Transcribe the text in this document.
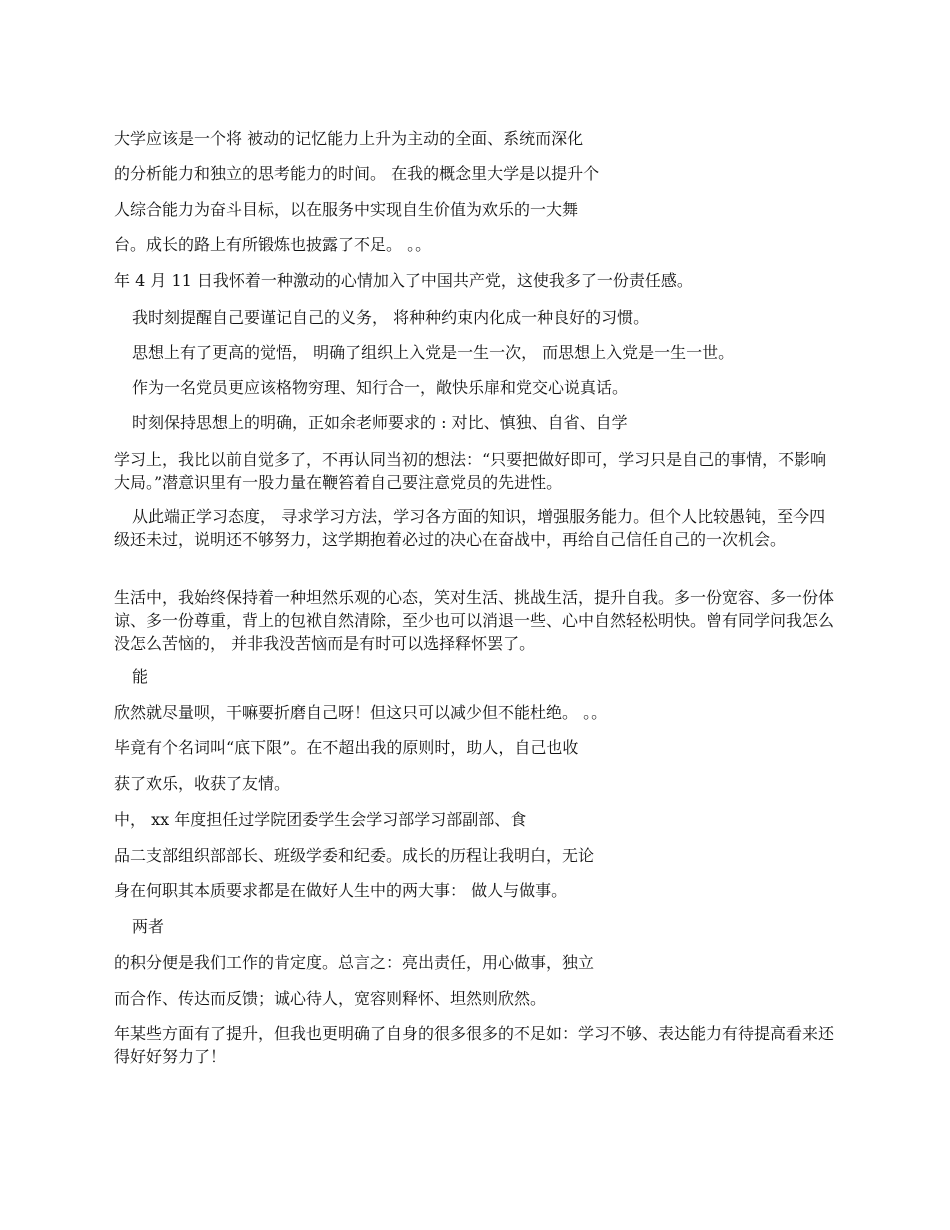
大学应该是一个将 被动的记忆能力上升为主动的全面、系统而深化

的分析能力和独立的思考能力的时间。 在我的概念里大学是以提升个

人综合能力为奋斗目标，以在服务中实现自生价值为欢乐的一大舞

台。成长的路上有所锻炼也披露了不足。 。。

年 4 月 11 日我怀着一种激动的心情加入了中国共产党，这使我多了一份责任感。

我时刻提醒自己要谨记自己的义务， 将种种约束内化成一种良好的习惯。

思想上有了更高的觉悟， 明确了组织上入党是一生一次， 而思想上入党是一生一世。

作为一名党员更应该格物穷理、知行合一，敞快乐扉和党交心说真话。

时刻保持思想上的明确，正如余老师要求的 : 对比、慎独、自省、自学

学习上，我比以前自觉多了，不再认同当初的想法：“只要把做好即可，学习只是自己的事情，不影响大局。”潜意识里有一股力量在鞭笞着自己要注意党员的先进性。

从此端正学习态度， 寻求学习方法，学习各方面的知识，增强服务能力。但个人比较愚钝，至今四级还未过，说明还不够努力，这学期抱着必过的决心在奋战中，再给自己信任自己的一次机会。

生活中，我始终保持着一种坦然乐观的心态，笑对生活、挑战生活，提升自我。多一份宽容、多一份体谅、多一份尊重，背上的包袱自然清除，至少也可以消退一些、心中自然轻松明快。曾有同学问我怎么没怎么苦恼的， 并非我没苦恼而是有时可以选择释怀罢了。

能

欣然就尽量呗，干嘛要折磨自己呀！但这只可以减少但不能杜绝。 。。

毕竟有个名词叫“底下限”。在不超出我的原则时，助人，自己也收

获了欢乐，收获了友情。

中， xx 年度担任过学院团委学生会学习部学习部副部、食

品二支部组织部部长、班级学委和纪委。成长的历程让我明白，无论

身在何职其本质要求都是在做好人生中的两大事： 做人与做事。

两者

的积分便是我们工作的肯定度。总言之：亮出责任，用心做事，独立

而合作、传达而反馈；诚心待人，宽容则释怀、坦然则欣然。

年某些方面有了提升，但我也更明确了自身的很多很多的不足如：学习不够、表达能力有待提高看来还得好好努力了！
